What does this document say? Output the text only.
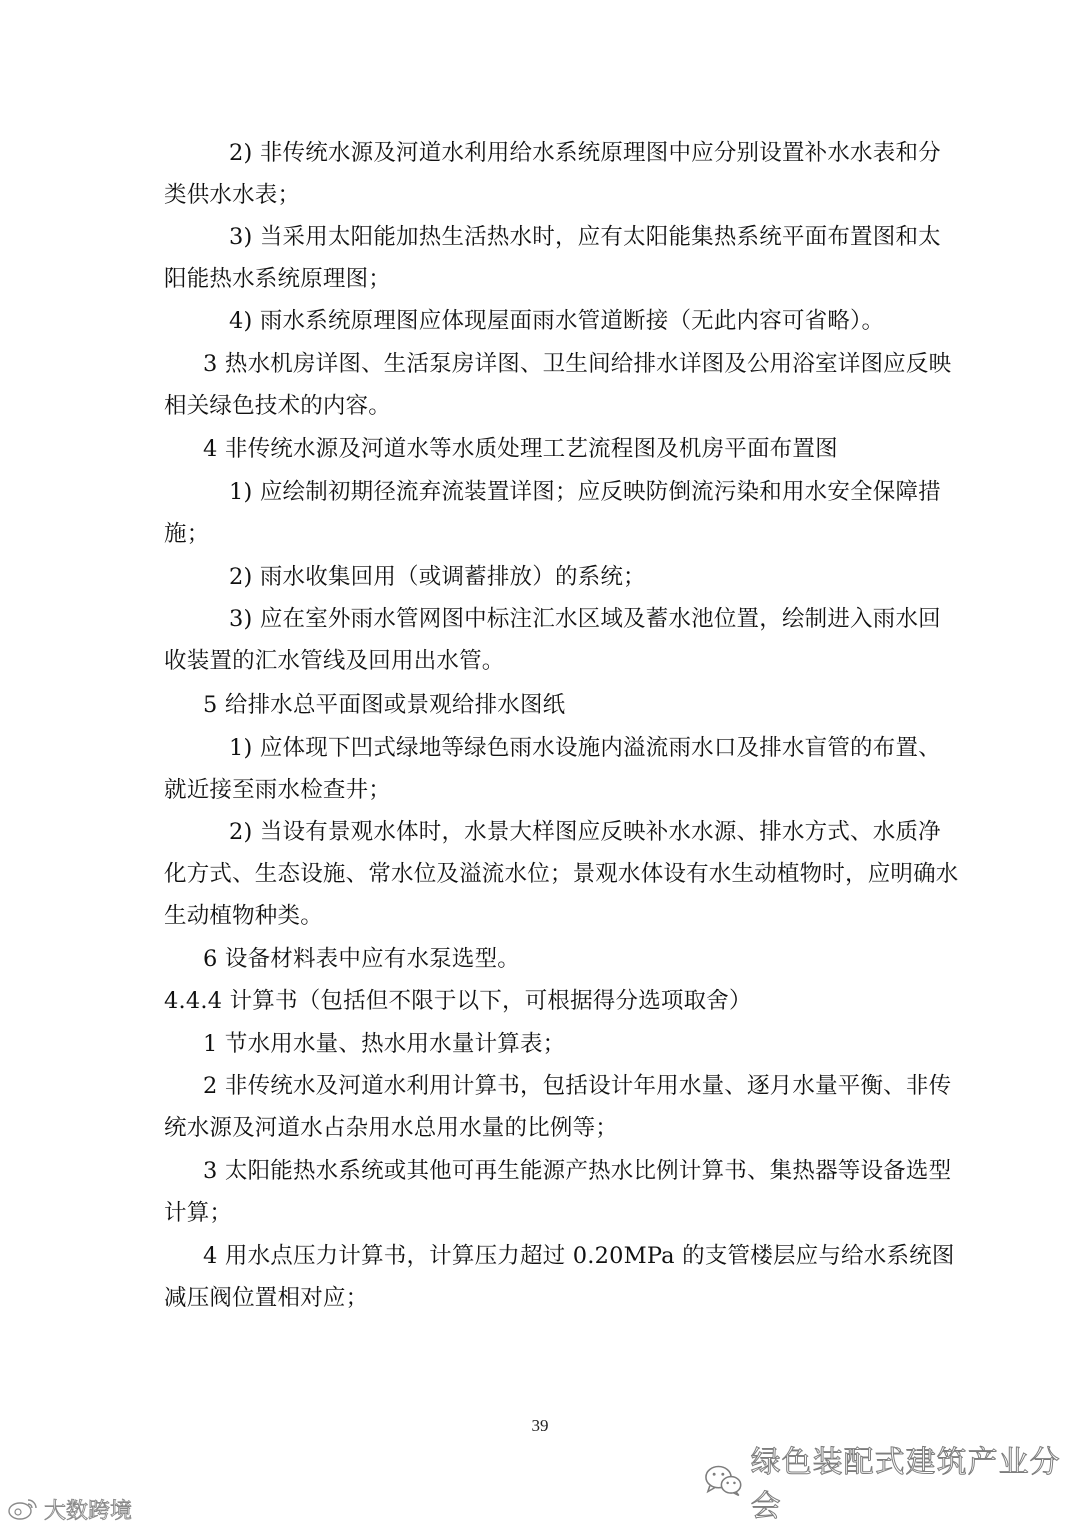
2) 非传统水源及河道水利用给水系统原理图中应分别设置补水水表和分
类供水水表；
3) 当采用太阳能加热生活热水时，应有太阳能集热系统平面布置图和太
阳能热水系统原理图；
4) 雨水系统原理图应体现屋面雨水管道断接（无此内容可省略）。
3 热水机房详图、生活泵房详图、卫生间给排水详图及公用浴室详图应反映
相关绿色技术的内容。
4 非传统水源及河道水等水质处理工艺流程图及机房平面布置图
1) 应绘制初期径流弃流装置详图；应反映防倒流污染和用水安全保障措
施；
2) 雨水收集回用（或调蓄排放）的系统；
3) 应在室外雨水管网图中标注汇水区域及蓄水池位置，绘制进入雨水回
收装置的汇水管线及回用出水管。
5 给排水总平面图或景观给排水图纸
1) 应体现下凹式绿地等绿色雨水设施内溢流雨水口及排水盲管的布置、
就近接至雨水检查井；
2) 当设有景观水体时，水景大样图应反映补水水源、排水方式、水质净
化方式、生态设施、常水位及溢流水位；景观水体设有水生动植物时，应明确水
生动植物种类。
6 设备材料表中应有水泵选型。
4.4.4 计算书（包括但不限于以下，可根据得分选项取舍）
1 节水用水量、热水用水量计算表；
2 非传统水及河道水利用计算书，包括设计年用水量、逐月水量平衡、非传
统水源及河道水占杂用水总用水量的比例等；
3 太阳能热水系统或其他可再生能源产热水比例计算书、集热器等设备选型
计算；
4 用水点压力计算书，计算压力超过 0.20MPa 的支管楼层应与给水系统图
减压阀位置相对应；
39
绿色装配式建筑产业分会
大数跨境
